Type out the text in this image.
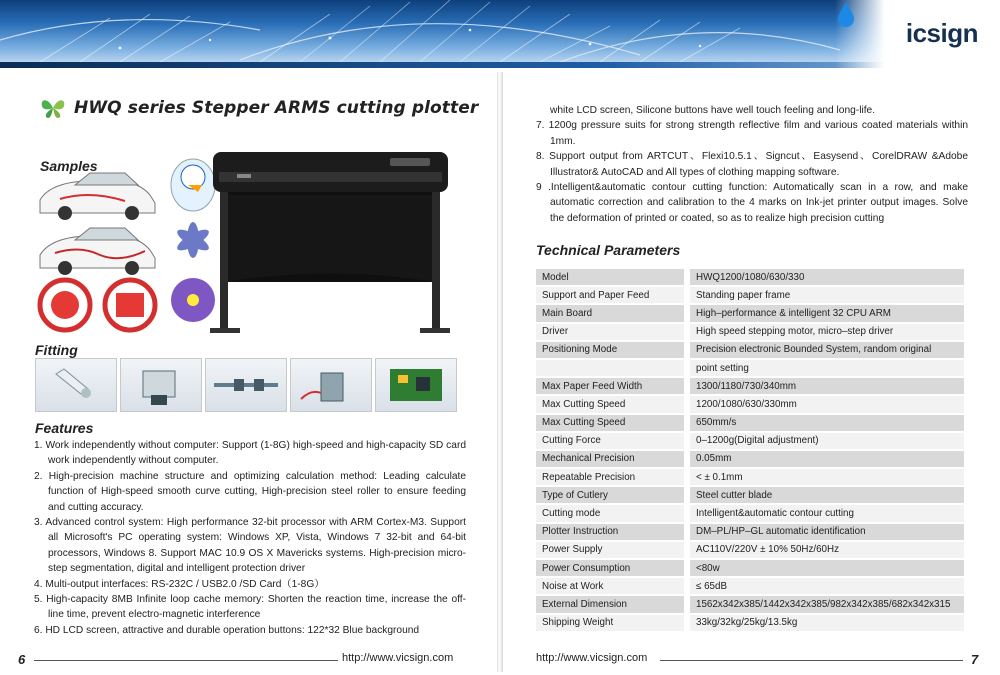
icsign
HWQ series Stepper ARMS cutting plotter
Samples
Fitting
Features

1. Work independently without computer: Support (1-8G) high-speed and high-capacity SD card work independently without computer.

2. High-precision machine structure and optimizing calculation method: Leading calculate function of High-speed smooth curve cutting, High-precision steel roller to ensure feeding and cutting accuracy.

3. Advanced control system: High performance 32-bit processor with ARM Cortex-M3. Support all Microsoft's PC operating system: Windows XP, Vista, Windows 7 32-bit and 64-bit processors, Windows 8. Support MAC 10.9 OS X Mavericks systems. High-precision micro-step segmentation, digital and intelligent protection driver

4. Multi-output interfaces: RS-232C / USB2.0 /SD Card（1-8G）

5. High-capacity 8MB Infinite loop cache memory: Shorten the reaction time, increase the off-line time, prevent electro-magnetic interference

6. HD LCD screen, attractive and durable operation buttons: 122*32 Blue background

6	http://www.vicsign.com

white LCD screen, Silicone buttons have well touch feeling and long-life.

7. 1200g pressure suits for strong strength reflective film and various coated materials within 1mm.

8. Support output from ARTCUT、Flexi10.5.1、Signcut、Easysend、CorelDRAW &Adobe Illustrator& AutoCAD and All types of clothing mapping software.

9 .Intelligent&automatic contour cutting function: Automatically scan in a row, and make automatic correction and calibration to the 4 marks on Ink-jet printer output images. Solve the deformation of printed or coated, so as to realize high precision cutting

Technical Parameters
Model		HWQ1200/1080/630/330
Support and Paper Feed		Standing paper frame
Main Board		High–performance & intelligent 32 CPU ARM
Driver		High speed stepping motor, micro–step driver
Positioning Mode		Precision electronic Bounded System, random original
		point setting
Max Paper Feed Width		1300/1180/730/340mm
Max Cutting Speed		1200/1080/630/330mm
Max Cutting Speed		650mm/s
Cutting Force		0–1200g(Digital adjustment)
Mechanical Precision		0.05mm
Repeatable Precision		< ± 0.1mm
Type of Cutlery		Steel cutter blade
Cutting mode		Intelligent&automatic contour cutting
Plotter Instruction		DM–PL/HP–GL automatic identification
Power Supply		AC110V/220V ± 10% 50Hz/60Hz
Power Consumption		<80w
Noise at Work		≤ 65dB
External Dimension		1562x342x385/1442x342x385/982x342x385/682x342x315
Shipping Weight		33kg/32kg/25kg/13.5kg
http://www.vicsign.com	7
